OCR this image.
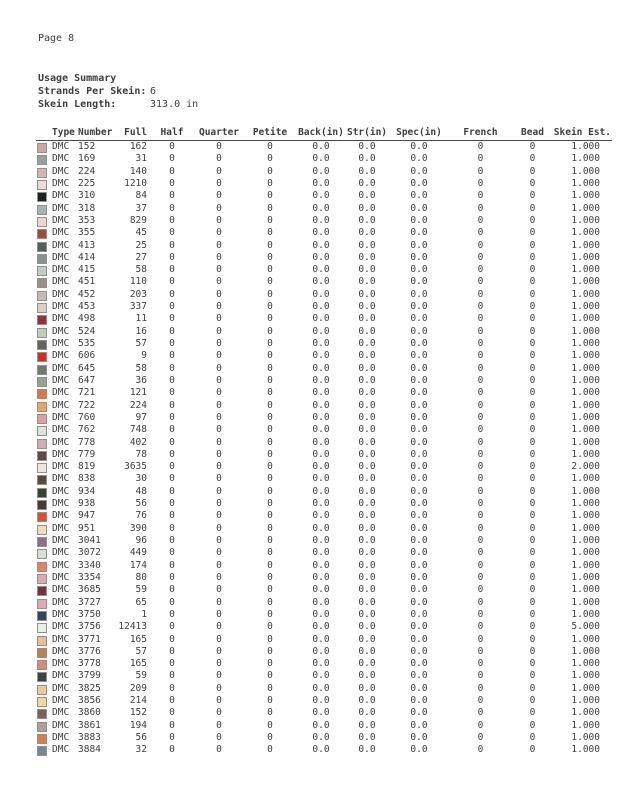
Page 8
Usage Summary
Strands Per Skein: 6
Skein Length:	313.0 in
	Type	Number	Full	Half	Quarter	Petite	Back(in)	Str(in)	Spec(in)	French	Bead	Skein Est.
	DMC	152	162	0	0	0	0.0	0.0	0.0	0	0	1.000
	DMC	169	31	0	0	0	0.0	0.0	0.0	0	0	1.000
	DMC	224	140	0	0	0	0.0	0.0	0.0	0	0	1.000
	DMC	225	1210	0	0	0	0.0	0.0	0.0	0	0	1.000
	DMC	310	84	0	0	0	0.0	0.0	0.0	0	0	1.000
	DMC	318	37	0	0	0	0.0	0.0	0.0	0	0	1.000
	DMC	353	829	0	0	0	0.0	0.0	0.0	0	0	1.000
	DMC	355	45	0	0	0	0.0	0.0	0.0	0	0	1.000
	DMC	413	25	0	0	0	0.0	0.0	0.0	0	0	1.000
	DMC	414	27	0	0	0	0.0	0.0	0.0	0	0	1.000
	DMC	415	58	0	0	0	0.0	0.0	0.0	0	0	1.000
	DMC	451	110	0	0	0	0.0	0.0	0.0	0	0	1.000
	DMC	452	203	0	0	0	0.0	0.0	0.0	0	0	1.000
	DMC	453	337	0	0	0	0.0	0.0	0.0	0	0	1.000
	DMC	498	11	0	0	0	0.0	0.0	0.0	0	0	1.000
	DMC	524	16	0	0	0	0.0	0.0	0.0	0	0	1.000
	DMC	535	57	0	0	0	0.0	0.0	0.0	0	0	1.000
	DMC	606	9	0	0	0	0.0	0.0	0.0	0	0	1.000
	DMC	645	58	0	0	0	0.0	0.0	0.0	0	0	1.000
	DMC	647	36	0	0	0	0.0	0.0	0.0	0	0	1.000
	DMC	721	121	0	0	0	0.0	0.0	0.0	0	0	1.000
	DMC	722	224	0	0	0	0.0	0.0	0.0	0	0	1.000
	DMC	760	97	0	0	0	0.0	0.0	0.0	0	0	1.000
	DMC	762	748	0	0	0	0.0	0.0	0.0	0	0	1.000
	DMC	778	402	0	0	0	0.0	0.0	0.0	0	0	1.000
	DMC	779	78	0	0	0	0.0	0.0	0.0	0	0	1.000
	DMC	819	3635	0	0	0	0.0	0.0	0.0	0	0	2.000
	DMC	838	30	0	0	0	0.0	0.0	0.0	0	0	1.000
	DMC	934	48	0	0	0	0.0	0.0	0.0	0	0	1.000
	DMC	938	56	0	0	0	0.0	0.0	0.0	0	0	1.000
	DMC	947	76	0	0	0	0.0	0.0	0.0	0	0	1.000
	DMC	951	390	0	0	0	0.0	0.0	0.0	0	0	1.000
	DMC	3041	96	0	0	0	0.0	0.0	0.0	0	0	1.000
	DMC	3072	449	0	0	0	0.0	0.0	0.0	0	0	1.000
	DMC	3340	174	0	0	0	0.0	0.0	0.0	0	0	1.000
	DMC	3354	80	0	0	0	0.0	0.0	0.0	0	0	1.000
	DMC	3685	59	0	0	0	0.0	0.0	0.0	0	0	1.000
	DMC	3727	65	0	0	0	0.0	0.0	0.0	0	0	1.000
	DMC	3750	1	0	0	0	0.0	0.0	0.0	0	0	1.000
	DMC	3756	12413	0	0	0	0.0	0.0	0.0	0	0	5.000
	DMC	3771	165	0	0	0	0.0	0.0	0.0	0	0	1.000
	DMC	3776	57	0	0	0	0.0	0.0	0.0	0	0	1.000
	DMC	3778	165	0	0	0	0.0	0.0	0.0	0	0	1.000
	DMC	3799	59	0	0	0	0.0	0.0	0.0	0	0	1.000
	DMC	3825	209	0	0	0	0.0	0.0	0.0	0	0	1.000
	DMC	3856	214	0	0	0	0.0	0.0	0.0	0	0	1.000
	DMC	3860	152	0	0	0	0.0	0.0	0.0	0	0	1.000
	DMC	3861	194	0	0	0	0.0	0.0	0.0	0	0	1.000
	DMC	3883	56	0	0	0	0.0	0.0	0.0	0	0	1.000
	DMC	3884	32	0	0	0	0.0	0.0	0.0	0	0	1.000
